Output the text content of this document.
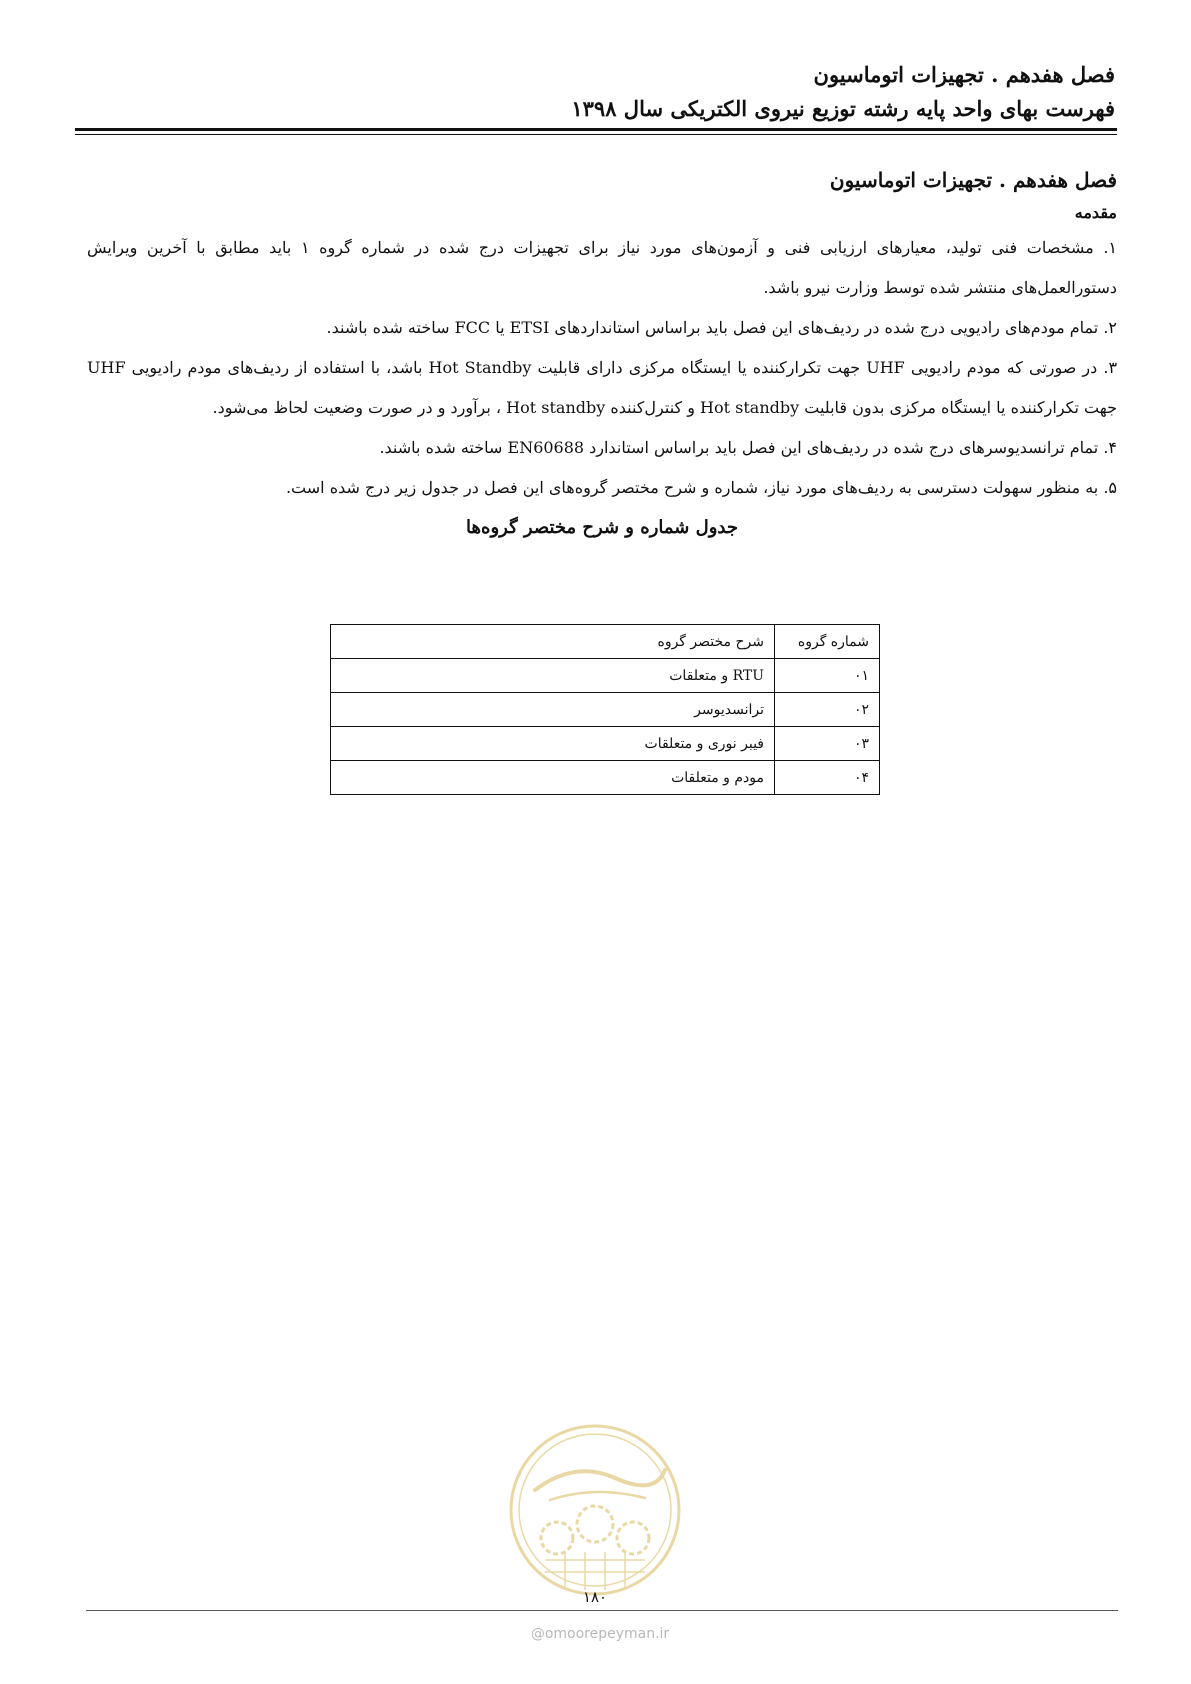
فصل هفدهم . تجهیزات اتوماسیون
فهرست بهای واحد پایه رشته توزیع نیروی الکتریکی سال ۱۳۹۸
فصل هفدهم . تجهیزات اتوماسیون
مقدمه
۱. مشخصات فنی تولید، معیارهای ارزیابی فنی و آزمون‌های مورد نیاز برای تجهیزات درج شده در شماره گروه ۱ باید مطابق با آخرین ویرایش دستورالعمل‌های منتشر شده توسط وزارت نیرو باشد.
۲. تمام مودم‌های رادیویی درج شده در ردیف‌های این فصل باید براساس استانداردهای ETSI یا FCC ساخته شده باشند.
۳. در صورتی که مودم رادیویی UHF جهت تکرارکننده یا ایستگاه مرکزی دارای قابلیت Hot Standby باشد، با استفاده از ردیف‌های مودم رادیویی UHF جهت تکرارکننده یا ایستگاه مرکزی بدون قابلیت Hot standby و کنترل‌کننده Hot standby ، برآورد و در صورت وضعیت لحاظ می‌شود.
۴. تمام ترانسدیوسرهای درج شده در ردیف‌های این فصل باید براساس استاندارد EN60688 ساخته شده باشند.
۵. به منظور سهولت دسترسی به ردیف‌های مورد نیاز، شماره و شرح مختصر گروه‌های این فصل در جدول زیر درج شده است.
جدول شماره و شرح مختصر گروه‌ها
شماره گروه	شرح مختصر گروه
۰۱	RTU و متعلقات
۰۲	ترانسدیوسر
۰۳	فیبر نوری و متعلقات
۰۴	مودم و متعلقات
۱۸۰
@omoorepeyman.ir
